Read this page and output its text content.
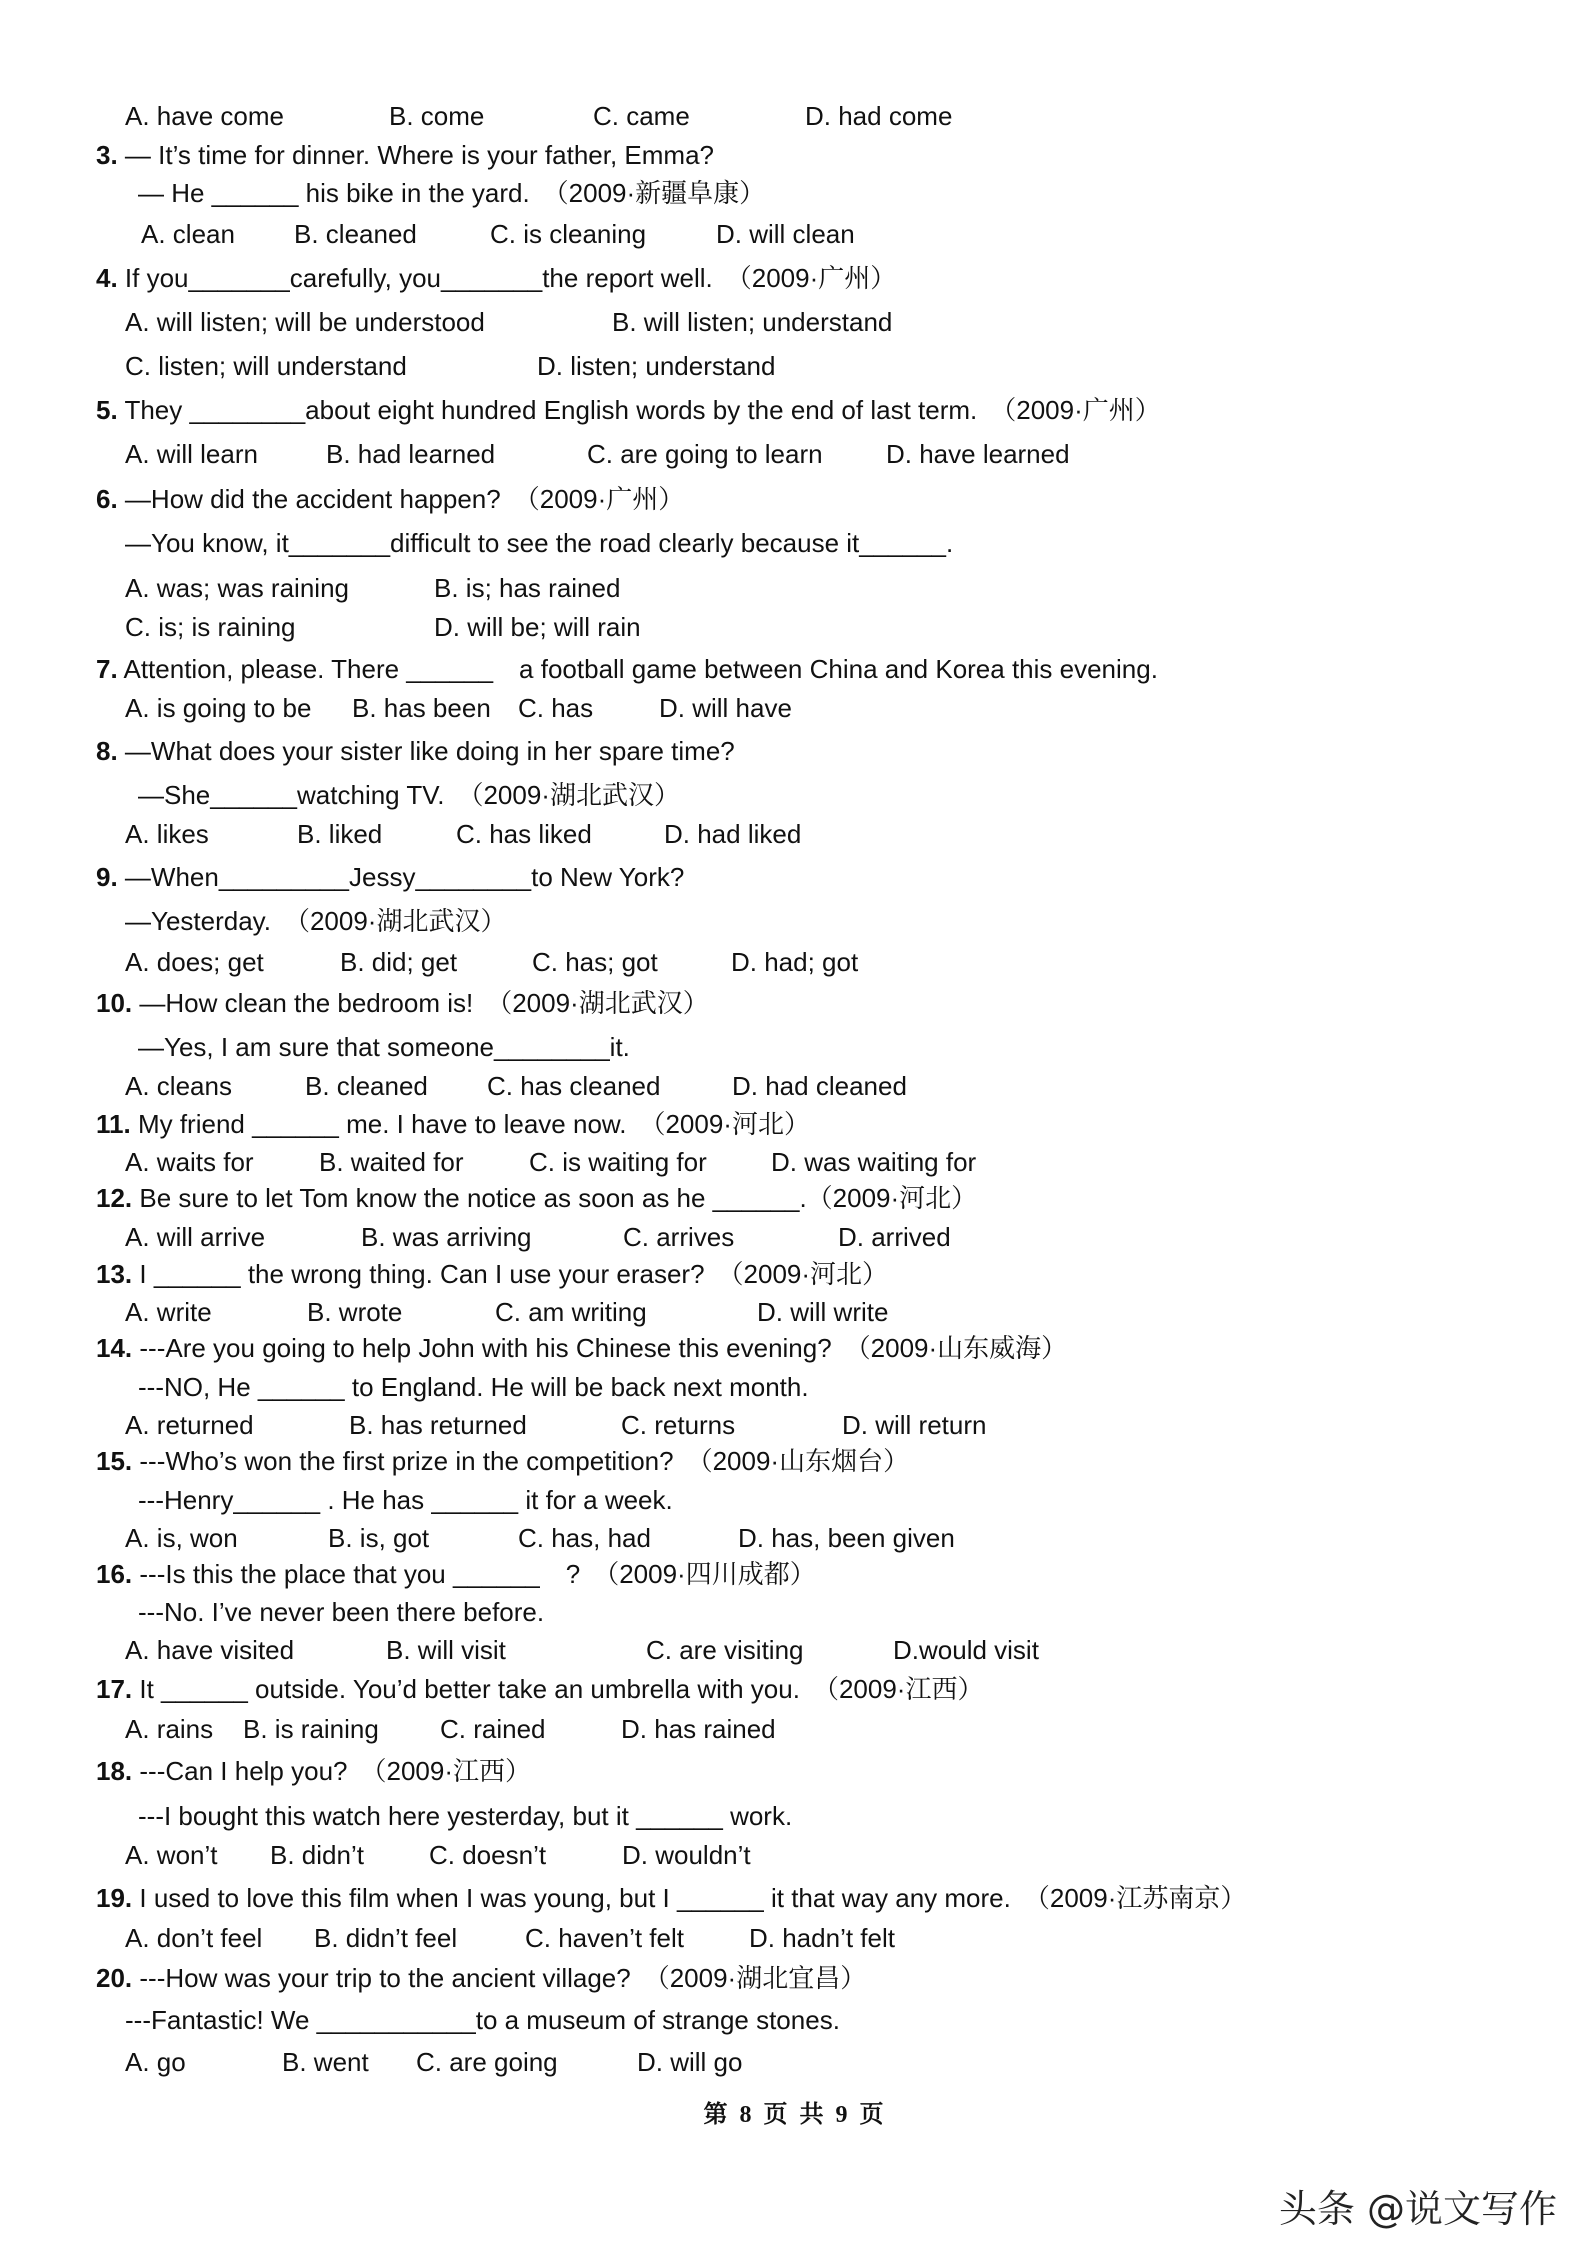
A. have come	B. come	C. came	D. had come
3. — It’s time for dinner. Where is your father, Emma?
— He ______ his bike in the yard.　（2009·新疆阜康）
A. clean B. cleaned	C. is cleaning	D. will clean
4. If you_______carefully, you_______the report well.　（2009·广州）
A. will listen; will be understood	B. will listen; understand
C. listen; will understand	D. listen; understand
5. They ________about eight hundred English words by the end of last term.　（2009·广州）
A. will learn	B. had learned	C. are going to learn D. have learned
6. —How did the accident happen?　（2009·广州）
—You know, it_______difficult to see the road clearly because it______.
A. was; was raining	B. is; has rained
C. is; is raining	D. will be; will rain
7. Attention, please. There ______　a football game between China and Korea this evening.
A. is going to be B. has been C. has	D. will have
8. —What does your sister like doing in her spare time?
—She______watching TV.　（2009·湖北武汉）
A. likes	B. liked	C. has liked	D. had liked
9. —When_________Jessy________to New York?
—Yesterday.　（2009·湖北武汉）
A. does; get	B. did; get	C. has; got	D. had; got
10. —How clean the bedroom is!　（2009·湖北武汉）
—Yes, I am sure that someone________it.
A. cleans	B. cleaned C. has cleaned	D. had cleaned
11. My friend ______ me. I have to leave now.　（2009·河北）
A. waits for	B. waited for	C. is waiting for D. was waiting for
12. Be sure to let Tom know the notice as soon as he ______.（2009·河北）
A. will arrive	B. was arriving	C. arrives	D. arrived
13. I ______ the wrong thing. Can I use your eraser?　（2009·河北）
A. write	B. wrote	C. am writing	D. will write
14. ---Are you going to help John with his Chinese this evening?　（2009·山东威海）
---NO, He ______ to England. He will be back next month.
A. returned	B. has returned	C. returns	D. will return
15. ---Who’s won the first prize in the competition?　（2009·山东烟台）
---Henry______ . He has ______ it for a week.
A. is, won	B. is, got	C. has, had	D. has, been given
16. ---Is this the place that you ______　?　（2009·四川成都）
---No. I’ve never been there before.
A. have visited	B. will visit	C. are visiting	D.would visit
17. It ______ outside. You’d better take an umbrella with you.　（2009·江西）
A. rains B. is raining C. rained	D. has rained
18. ---Can I help you?　（2009·江西）
---I bought this watch here yesterday, but it ______ work.
A. won’t B. didn’t	C. doesn’t	D. wouldn’t
19. I used to love this film when I was young, but I ______ it that way any more.　（2009·江苏南京）
A. don’t feel B. didn’t feel	C. haven’t felt	D. hadn’t felt
20. ---How was your trip to the ancient village?　（2009·湖北宜昌）
---Fantastic! We ___________to a museum of strange stones.
A. go	B. went C. are going	D. will go
第 8 页 共 9 页
头条 @说文写作
